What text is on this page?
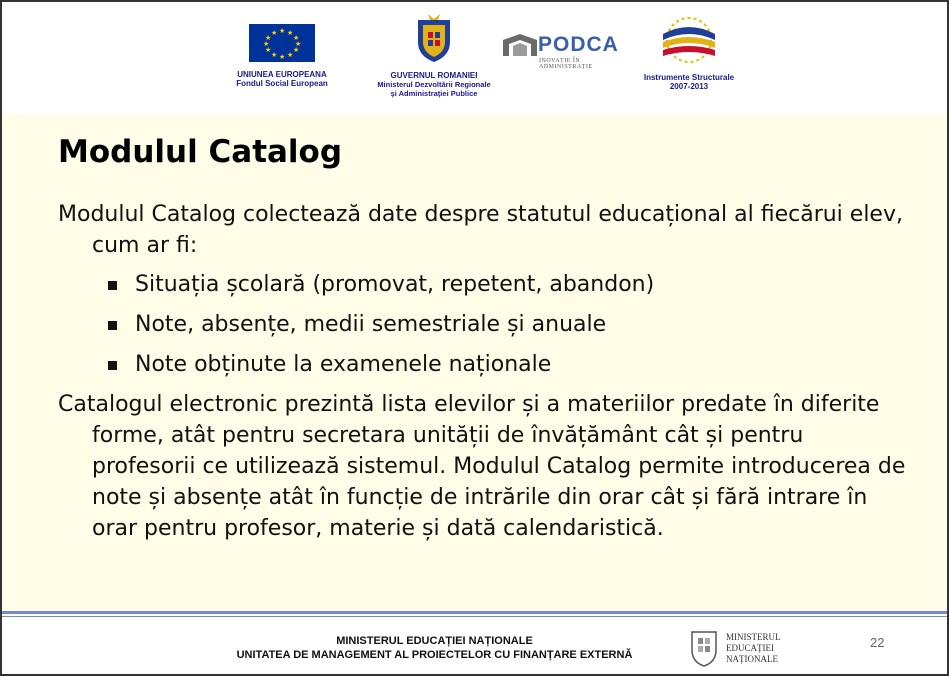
★ ★
★
★
★
★
★
★
★
★
★
★
UNIUNEA EUROPEANA
Fondul Social European
GUVERNUL ROMANIEI
Ministerul Dezvoltării Regionale
şi Administraţiei Publice
PODCA
INOVAȚIE ÎN ADMINISTRAȚIE
Instrumente Structurale
2007-2013
Modulul Catalog

Modulul Catalog colectează date despre statutul educațional al fiecărui elev, cum ar fi:

Situația școlară (promovat, repetent, abandon)
Note, absențe, medii semestriale și anuale
Note obținute la examenele naționale

Catalogul electronic prezintă lista elevilor și a materiilor predate în diferite forme, atât pentru secretara unității de învățământ cât și pentru profesorii ce utilizează sistemul. Modulul Catalog permite introducerea de note și absențe atât în funcție de intrările din orar cât și fără intrare în orar pentru profesor, materie și dată calendaristică.

MINISTERUL EDUCAȚIEI NAȚIONALE
UNITATEA DE MANAGEMENT AL PROIECTELOR CU FINANȚARE EXTERNĂ
MINISTERUL
EDUCAȚIEI
NAȚIONALE
22
